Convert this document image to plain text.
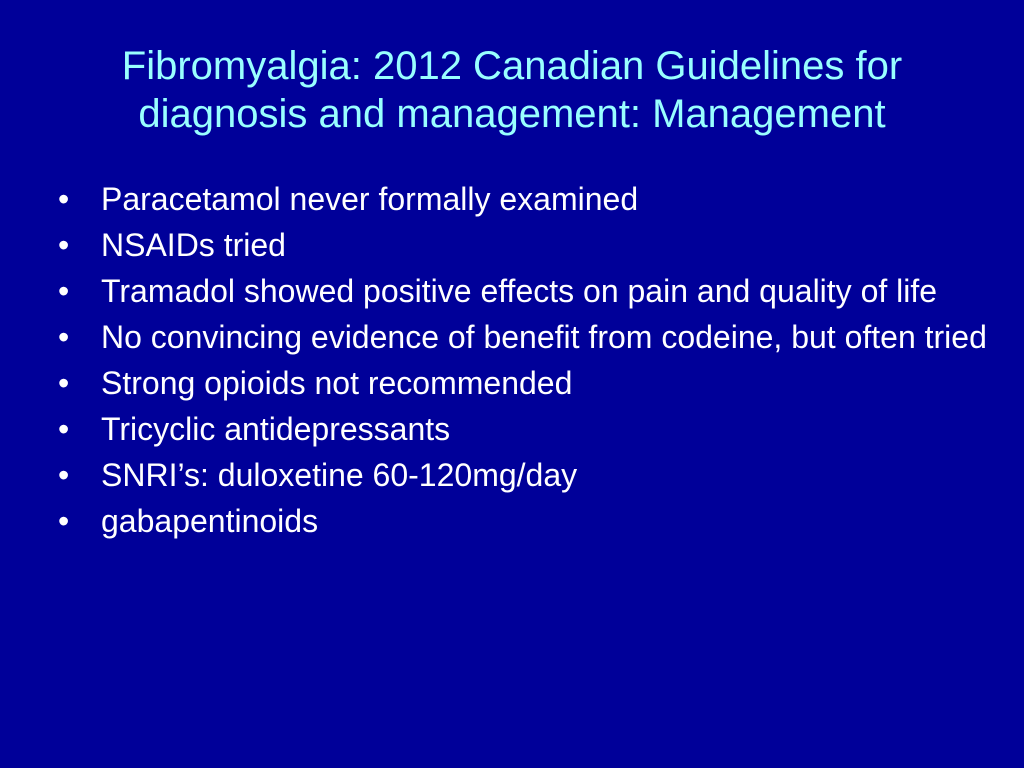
Fibromyalgia: 2012 Canadian Guidelines for diagnosis and management: Management
• Paracetamol never formally examined
• NSAIDs tried
• Tramadol showed positive effects on pain and quality of life
• No convincing evidence of benefit from codeine, but often tried
• Strong opioids not recommended
• Tricyclic antidepressants
• SNRI’s: duloxetine 60-120mg/day
• gabapentinoids
